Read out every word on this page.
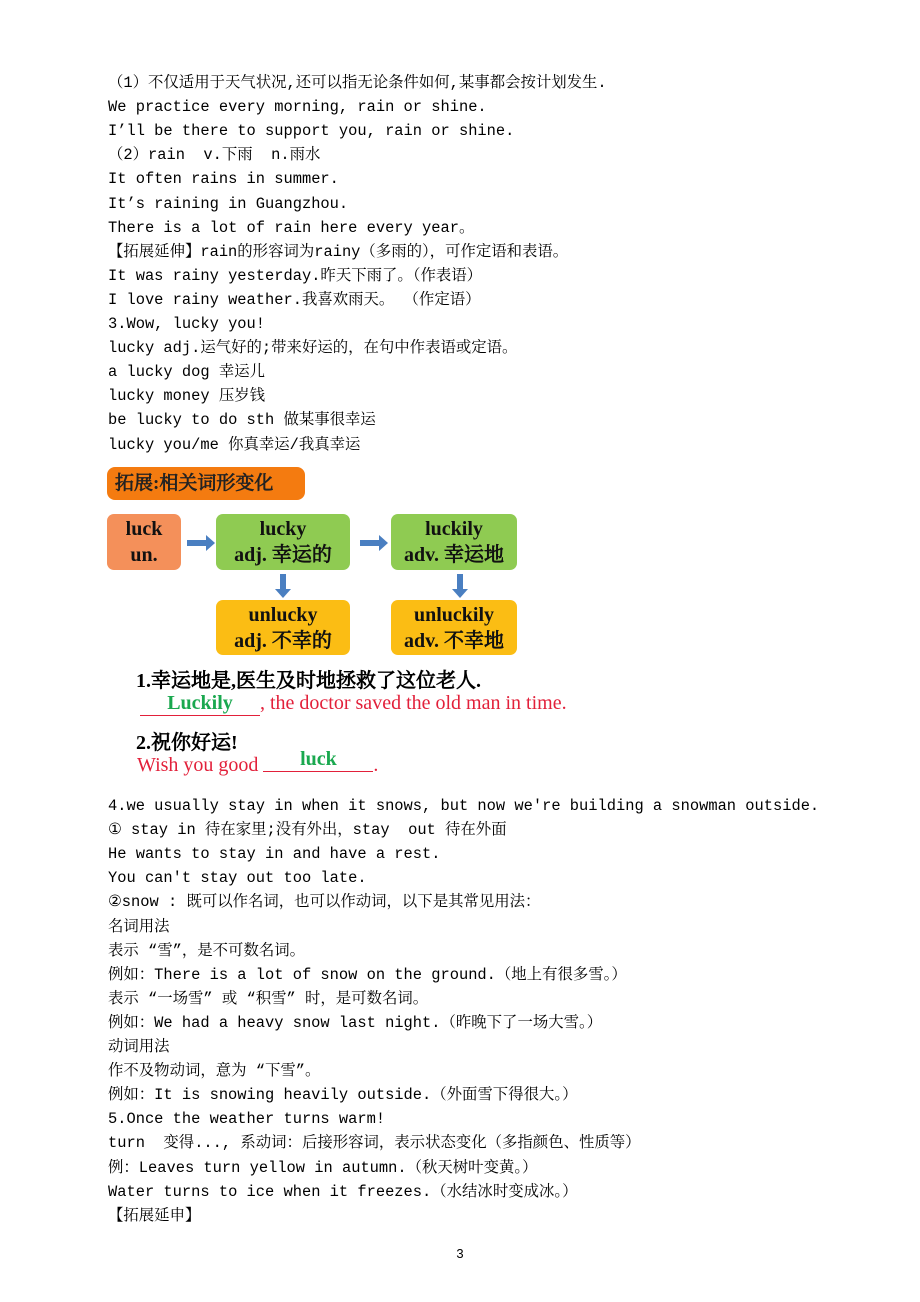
（1）不仅适用于天气状况,还可以指无论条件如何,某事都会按计划发生.
We practice every morning, rain or shine.
I’ll be there to support you, rain or shine.
（2）rain  v.下雨  n.雨水
It often rains in summer.
It’s raining in Guangzhou.
There is a lot of rain here every year。
【拓展延伸】rain的形容词为rainy（多雨的），可作定语和表语。
It was rainy yesterday.昨天下雨了。（作表语）
I love rainy weather.我喜欢雨天。 （作定语）
3.Wow, lucky you!
lucky adj.运气好的;带来好运的，在句中作表语或定语。
a lucky dog 幸运儿
lucky money 压岁钱
be lucky to do sth 做某事很幸运
lucky you/me 你真幸运/我真幸运
拓展:相关词形变化
luck
un.
lucky
adj. 幸运的
luckily
adv. 幸运地
unlucky
adj. 不幸的
unluckily
adv. 不幸地
1.幸运地是,医生及时地拯救了这位老人.
Luckily , the doctor saved the old man in time.
2.祝你好运!
Wish you good luck .
4.we usually stay in when it snows, but now we're building a snowman outside.
① stay in 待在家里;没有外出，stay  out 待在外面
He wants to stay in and have a rest.
You can't stay out too late.
②snow : 既可以作名词，也可以作动词，以下是其常见用法：
名词用法
表示 “雪”，是不可数名词。
例如：There is a lot of snow on the ground.（地上有很多雪。）
表示 “一场雪” 或 “积雪” 时，是可数名词。
例如：We had a heavy snow last night.（昨晚下了一场大雪。）
动词用法
作不及物动词，意为 “下雪”。
例如：It is snowing heavily outside.（外面雪下得很大。）
5.Once the weather turns warm!
turn  变得..., 系动词：后接形容词，表示状态变化（多指颜色、性质等）
例：Leaves turn yellow in autumn.（秋天树叶变黄。）
Water turns to ice when it freezes.（水结冰时变成冰。）
【拓展延申】
3
